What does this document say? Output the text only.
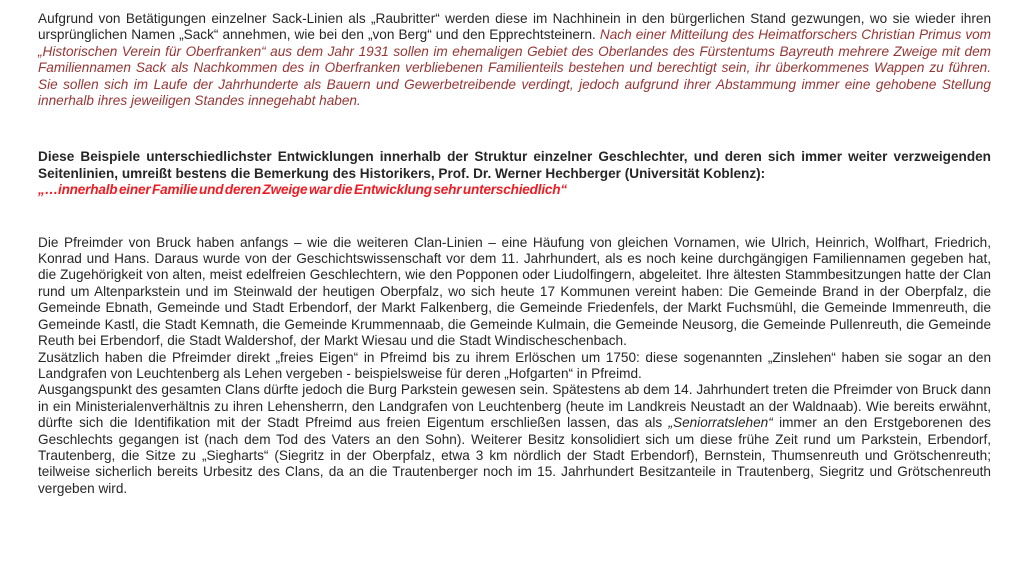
Aufgrund von Betätigungen einzelner Sack-Linien als „Raubritter“ werden diese im Nachhinein in den bürgerlichen Stand gezwungen, wo sie wieder ihren ursprünglichen Namen „Sack“ annehmen, wie bei den „von Berg“ und den Epprechtsteinern. Nach einer Mitteilung des Heimatforschers Christian Primus vom „Historischen Verein für Oberfranken“ aus dem Jahr 1931 sollen im ehemaligen Gebiet des Oberlandes des Fürstentums Bayreuth mehrere Zweige mit dem Familiennamen Sack als Nachkommen des in Oberfranken verbliebenen Familienteils bestehen und berechtigt sein, ihr überkommenes Wappen zu führen. Sie sollen sich im Laufe der Jahrhunderte als Bauern und Gewerbetreibende verdingt, jedoch aufgrund ihrer Abstammung immer eine gehobene Stellung innerhalb ihres jeweiligen Standes innegehabt haben.

Diese Beispiele unterschiedlichster Entwicklungen innerhalb der Struktur einzelner Geschlechter, und deren sich immer weiter verzweigenden Seitenlinien, umreißt bestens die Bemerkung des Historikers, Prof. Dr. Werner Hechberger (Universität Koblenz):

„…innerhalb einer Familie und deren Zweige war die Entwicklung sehr unterschiedlich“

Die Pfreimder von Bruck haben anfangs – wie die weiteren Clan-Linien – eine Häufung von gleichen Vornamen, wie Ulrich, Heinrich, Wolfhart, Friedrich, Konrad und Hans. Daraus wurde von der Geschichtswissenschaft vor dem 11. Jahrhundert, als es noch keine durchgängigen Familiennamen gegeben hat, die Zugehörigkeit von alten, meist edelfreien Geschlechtern, wie den Popponen oder Liudolfingern, abgeleitet. Ihre ältesten Stammbesitzungen hatte der Clan rund um Altenparkstein und im Steinwald der heutigen Oberpfalz, wo sich heute 17 Kommunen vereint haben: Die Gemeinde Brand in der Oberpfalz, die Gemeinde Ebnath, Gemeinde und Stadt Erbendorf, der Markt Falkenberg, die Gemeinde Friedenfels, der Markt Fuchsmühl, die Gemeinde Immenreuth, die Gemeinde Kastl, die Stadt Kemnath, die Gemeinde Krummennaab, die Gemeinde Kulmain, die Gemeinde Neusorg, die Gemeinde Pullenreuth, die Gemeinde Reuth bei Erbendorf, die Stadt Waldershof, der Markt Wiesau und die Stadt Windischeschenbach.

Zusätzlich haben die Pfreimder direkt „freies Eigen“ in Pfreimd bis zu ihrem Erlöschen um 1750: diese sogenannten „Zinslehen“ haben sie sogar an den Landgrafen von Leuchtenberg als Lehen vergeben - beispielsweise für deren „Hofgarten“ in Pfreimd.

Ausgangspunkt des gesamten Clans dürfte jedoch die Burg Parkstein gewesen sein. Spätestens ab dem 14. Jahrhundert treten die Pfreimder von Bruck dann in ein Ministerialenverhältnis zu ihren Lehensherrn, den Landgrafen von Leuchtenberg (heute im Landkreis Neustadt an der Waldnaab). Wie bereits erwähnt, dürfte sich die Identifikation mit der Stadt Pfreimd aus freien Eigentum erschließen lassen, das als „Seniorratslehen“ immer an den Erstgeborenen des Geschlechts gegangen ist (nach dem Tod des Vaters an den Sohn). Weiterer Besitz konsolidiert sich um diese frühe Zeit rund um Parkstein, Erbendorf, Trautenberg, die Sitze zu „Siegharts“ (Siegritz in der Oberpfalz, etwa 3 km nördlich der Stadt Erbendorf), Bernstein, Thumsenreuth und Grötschenreuth; teilweise sicherlich bereits Urbesitz des Clans, da an die Trautenberger noch im 15. Jahrhundert Besitzanteile in Trautenberg, Siegritz und Grötschenreuth vergeben wird.
